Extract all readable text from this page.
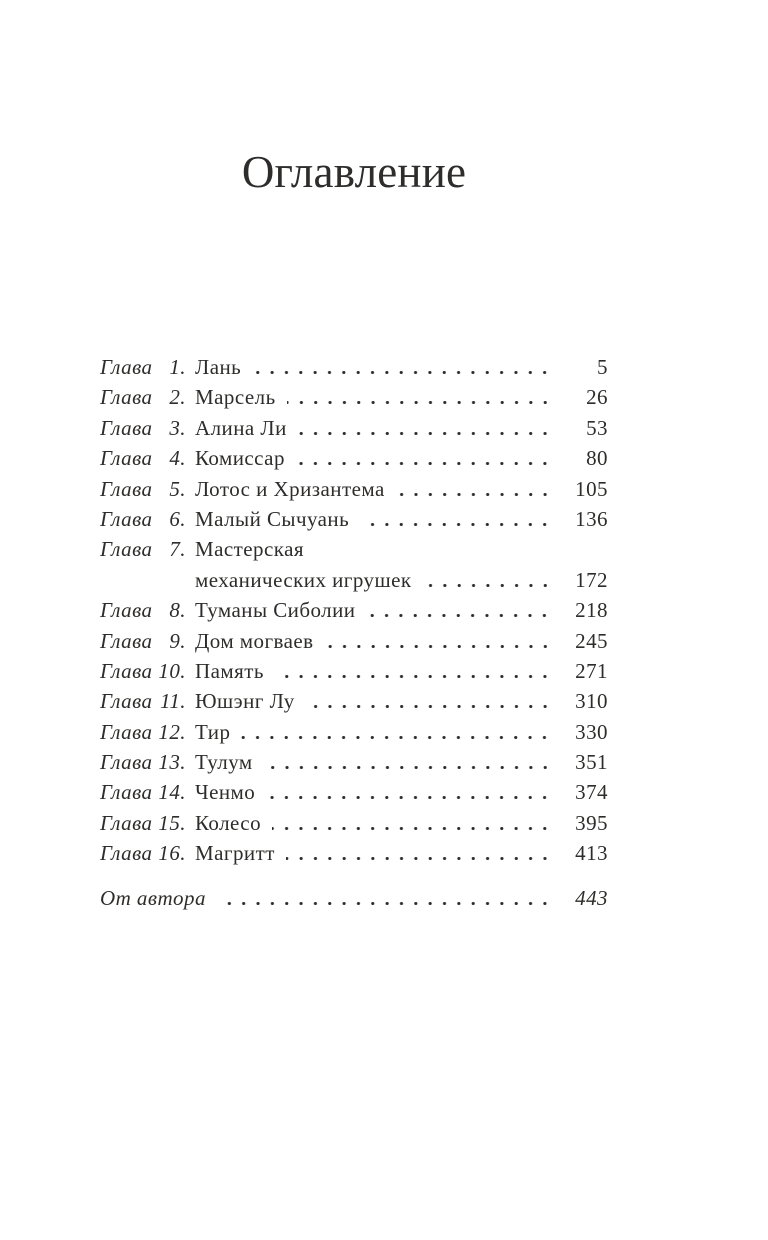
Оглавление
Глава 1. Лань	5
Глава 2. Марсель	26
Глава 3. Алина Ли	53
Глава 4. Комиссар	80
Глава 5. Лотос и Хризантема	105
Глава 6. Малый Сычуань	136
Глава 7. Мастерская
механических игрушек	172
Глава 8. Туманы Сиболии	218
Глава 9. Дом могваев	245
Глава 10. Память	271
Глава 11. Юшэнг Лу	310
Глава 12. Тир	330
Глава 13. Тулум	351
Глава 14. Ченмо	374
Глава 15. Колесо	395
Глава 16. Магритт	413
От автора	443
